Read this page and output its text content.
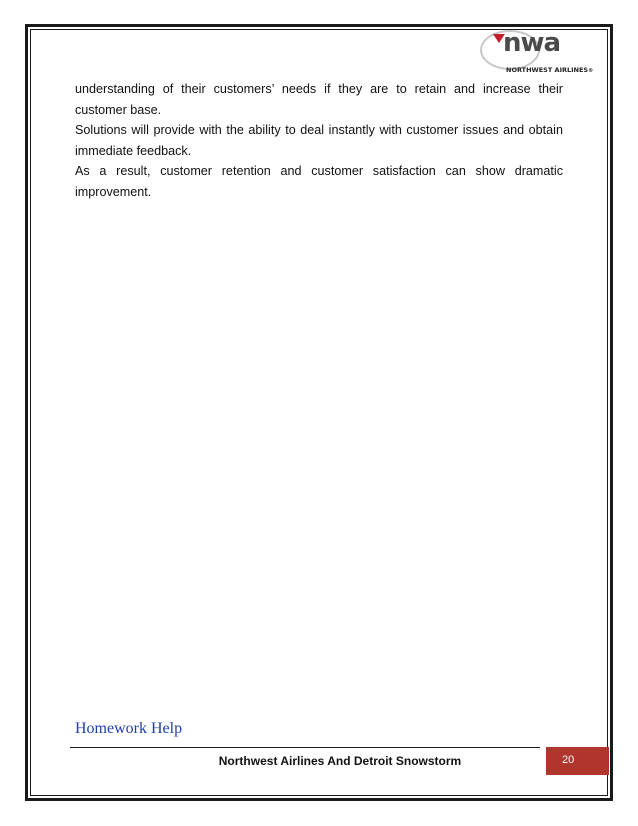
nwa
NORTHWEST AIRLINES®

understanding of their customers’ needs if they are to retain and increase their customer base.

Solutions will provide with the ability to deal instantly with customer issues and obtain immediate feedback.

As a result, customer retention and customer satisfaction can show dramatic improvement.

Homework Help
Northwest Airlines And Detroit Snowstorm	20
